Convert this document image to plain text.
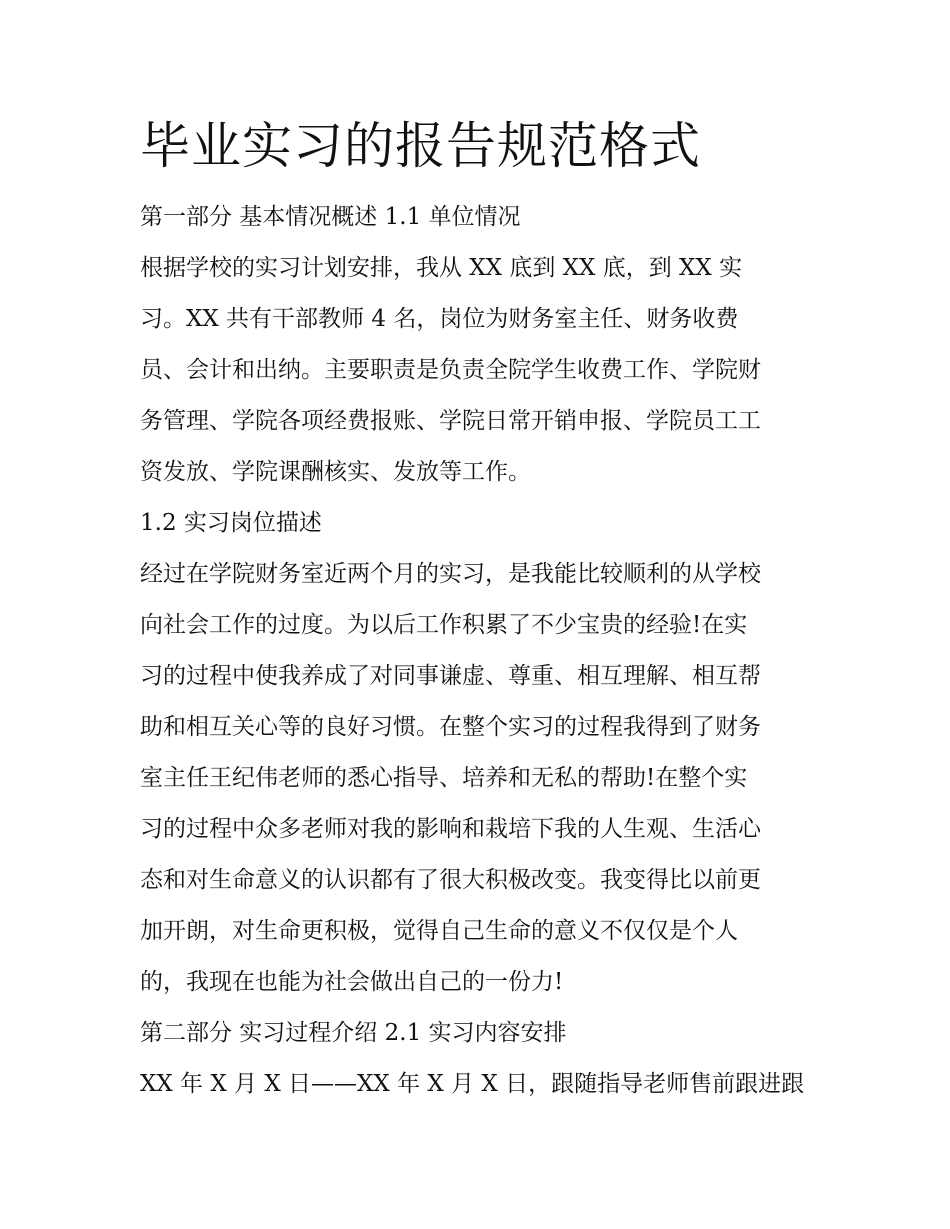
毕业实习的报告规范格式
第一部分 基本情况概述 1.1 单位情况
根据学校的实习计划安排，我从 XX 底到 XX 底，到 XX 实
习。XX 共有干部教师 4 名，岗位为财务室主任、财务收费
员、会计和出纳。主要职责是负责全院学生收费工作、学院财
务管理、学院各项经费报账、学院日常开销申报、学院员工工
资发放、学院课酬核实、发放等工作。
1.2 实习岗位描述
经过在学院财务室近两个月的实习，是我能比较顺利的从学校
向社会工作的过度。为以后工作积累了不少宝贵的经验!在实
习的过程中使我养成了对同事谦虚、尊重、相互理解、相互帮
助和相互关心等的良好习惯。在整个实习的过程我得到了财务
室主任王纪伟老师的悉心指导、培养和无私的帮助!在整个实
习的过程中众多老师对我的影响和栽培下我的人生观、生活心
态和对生命意义的认识都有了很大积极改变。我变得比以前更
加开朗，对生命更积极，觉得自己生命的意义不仅仅是个人
的，我现在也能为社会做出自己的一份力!
第二部分 实习过程介绍 2.1 实习内容安排
XX 年 X 月 X 日——XX 年 X 月 X 日，跟随指导老师售前跟进跟
